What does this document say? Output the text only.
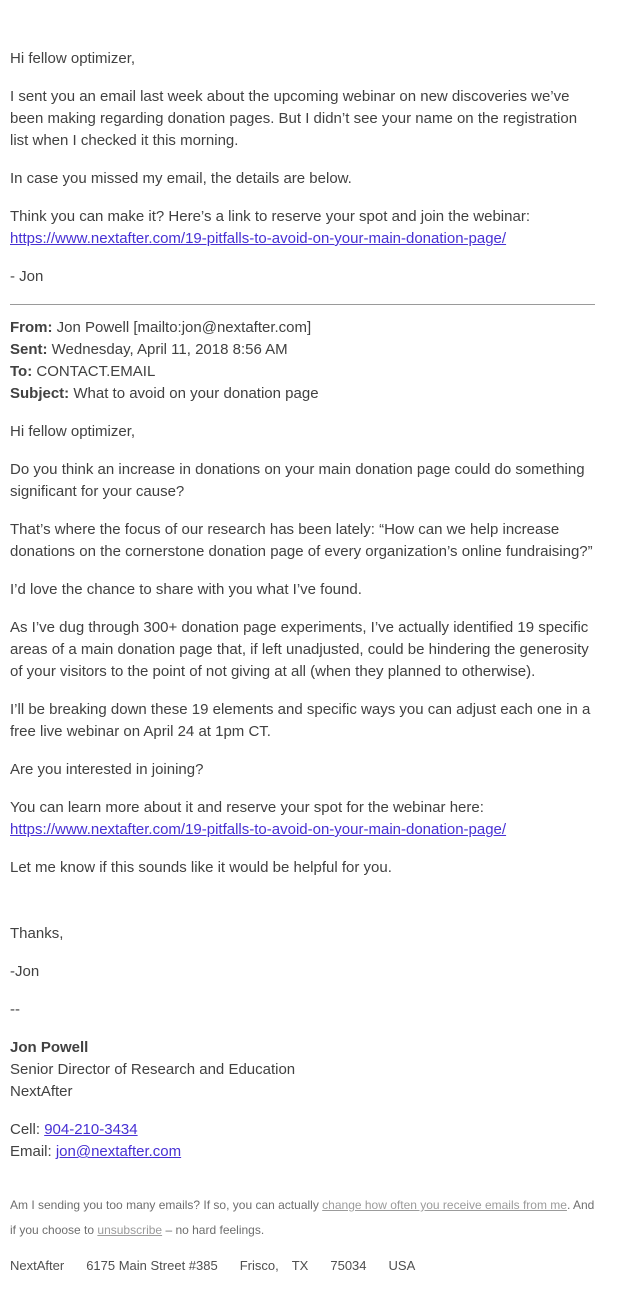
Hi fellow optimizer,

I sent you an email last week about the upcoming webinar on new discoveries we’ve been making regarding donation pages. But I didn’t see your name on the registration list when I checked it this morning.

In case you missed my email, the details are below.

Think you can make it? Here’s a link to reserve your spot and join the webinar: https://www.nextafter.com/19-pitfalls-to-avoid-on-your-main-donation-page/

- Jon

From: Jon Powell [mailto:jon@nextafter.com]

Sent: Wednesday, April 11, 2018 8:56 AM

To: CONTACT.EMAIL

Subject: What to avoid on your donation page

Hi fellow optimizer,

Do you think an increase in donations on your main donation page could do something significant for your cause?

That’s where the focus of our research has been lately: “How can we help increase donations on the cornerstone donation page of every organization’s online fundraising?”

I’d love the chance to share with you what I’ve found.

As I’ve dug through 300+ donation page experiments, I’ve actually identified 19 specific areas of a main donation page that, if left unadjusted, could be hindering the generosity of your visitors to the point of not giving at all (when they planned to otherwise).

I’ll be breaking down these 19 elements and specific ways you can adjust each one in a free live webinar on April 24 at 1pm CT.

Are you interested in joining?

You can learn more about it and reserve your spot for the webinar here: https://www.nextafter.com/19-pitfalls-to-avoid-on-your-main-donation-page/

Let me know if this sounds like it would be helpful for you.

Thanks,

-Jon

--

Jon Powell
Senior Director of Research and Education
NextAfter

Cell: 904-210-3434
Email: jon@nextafter.com

Am I sending you too many emails? If so, you can actually change how often you receive emails from me. And if you choose to unsubscribe – no hard feelings.
NextAfter 6175 Main Street #385 Frisco, TX 75034 USA
